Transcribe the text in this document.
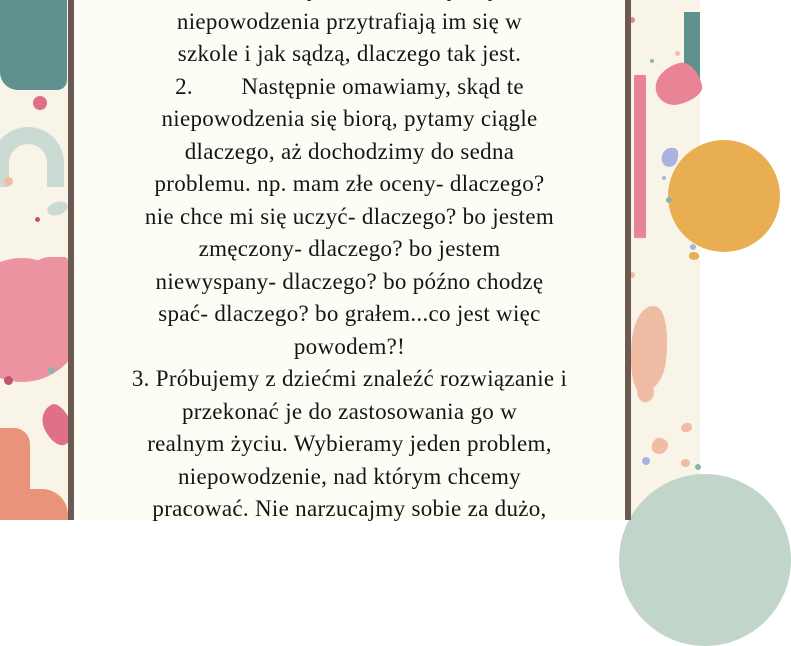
niepowodzenia przytrafiają im się w
szkole i jak sądzą, dlaczego tak jest.
2.        Następnie omawiamy, skąd te
niepowodzenia się biorą, pytamy ciągle
dlaczego, aż dochodzimy do sedna
problemu. np. mam złe oceny- dlaczego?
nie chce mi się uczyć- dlaczego? bo jestem
zmęczony- dlaczego? bo jestem
niewyspany- dlaczego? bo późno chodzę
spać- dlaczego? bo grałem...co jest więc
powodem?!
3. Próbujemy z dziećmi znaleźć rozwiązanie i
przekonać je do zastosowania go w
realnym życiu. Wybieramy jeden problem,
niepowodzenie, nad którym chcemy
pracować. Nie narzucajmy sobie za dużo,
